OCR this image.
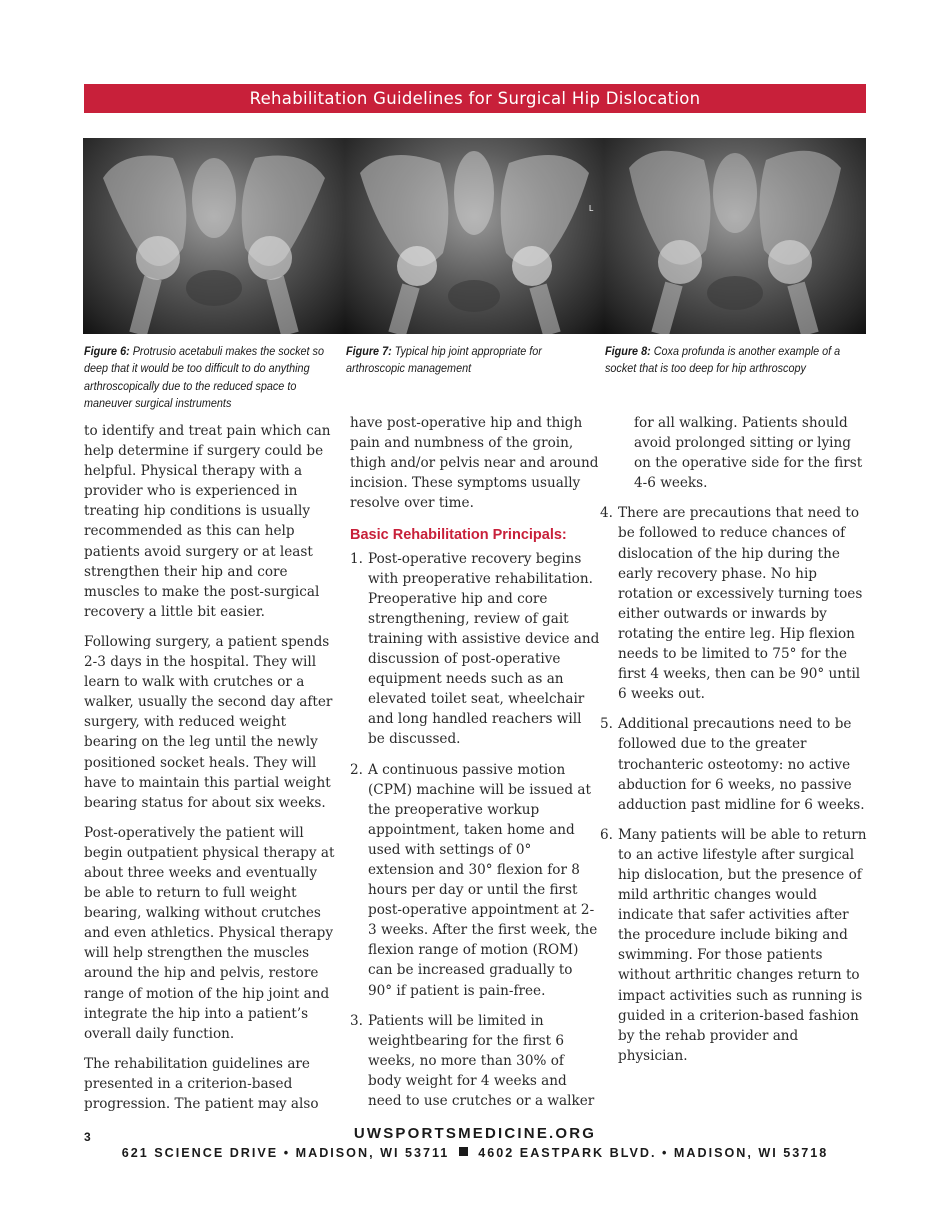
Rehabilitation Guidelines for Surgical Hip Dislocation
L
Figure 6: Protrusio acetabuli makes the socket so deep that it would be too difficult to do anything arthroscopically due to the reduced space to maneuver surgical instruments
Figure 7: Typical hip joint appropriate for arthroscopic management
Figure 8: Coxa profunda is another example of a socket that is too deep for hip arthroscopy

to identify and treat pain which can help determine if surgery could be helpful. Physical therapy with a provider who is experienced in treating hip conditions is usually recommended as this can help patients avoid surgery or at least strengthen their hip and core muscles to make the post-surgical recovery a little bit easier.

Following surgery, a patient spends 2-3 days in the hospital. They will learn to walk with crutches or a walker, usually the second day after surgery, with reduced weight bearing on the leg until the newly positioned socket heals. They will have to maintain this partial weight bearing status for about six weeks.

Post-operatively the patient will begin outpatient physical therapy at about three weeks and eventually be able to return to full weight bearing, walking without crutches and even athletics. Physical therapy will help strengthen the muscles around the hip and pelvis, restore range of motion of the hip joint and integrate the hip into a patient’s overall daily function.

The rehabilitation guidelines are presented in a criterion-based progression. The patient may also

have post-operative hip and thigh pain and numbness of the groin, thigh and/or pelvis near and around incision. These symptoms usually resolve over time.

Basic Rehabilitation Principals:
1. Post-operative recovery begins with preoperative rehabilitation. Preoperative hip and core strengthening, review of gait training with assistive device and discussion of post-operative equipment needs such as an elevated toilet seat, wheelchair and long handled reachers will be discussed.
2. A continuous passive motion (CPM) machine will be issued at the preoperative workup appointment, taken home and used with settings of 0° extension and 30° flexion for 8 hours per day or until the first post-operative appointment at 2-3 weeks. After the first week, the flexion range of motion (ROM) can be increased gradually to 90° if patient is pain-free.
3. Patients will be limited in weightbearing for the first 6 weeks, no more than 30% of body weight for 4 weeks and need to use crutches or a walker

for all walking. Patients should avoid prolonged sitting or lying on the operative side for the first 4-6 weeks.

4. There are precautions that need to be followed to reduce chances of dislocation of the hip during the early recovery phase. No hip rotation or excessively turning toes either outwards or inwards by rotating the entire leg. Hip flexion needs to be limited to 75° for the first 4 weeks, then can be 90° until 6 weeks out.
5. Additional precautions need to be followed due to the greater trochanteric osteotomy: no active abduction for 6 weeks, no passive adduction past midline for 6 weeks.
6. Many patients will be able to return to an active lifestyle after surgical hip dislocation, but the presence of mild arthritic changes would indicate that safer activities after the procedure include biking and swimming. For those patients without arthritic changes return to impact activities such as running is guided in a criterion-based fashion by the rehab provider and physician.
3	UWSPORTSMEDICINE.ORG
621 SCIENCE DRIVE • MADISON, WI 53711 4602 EASTPARK BLVD. • MADISON, WI 53718
